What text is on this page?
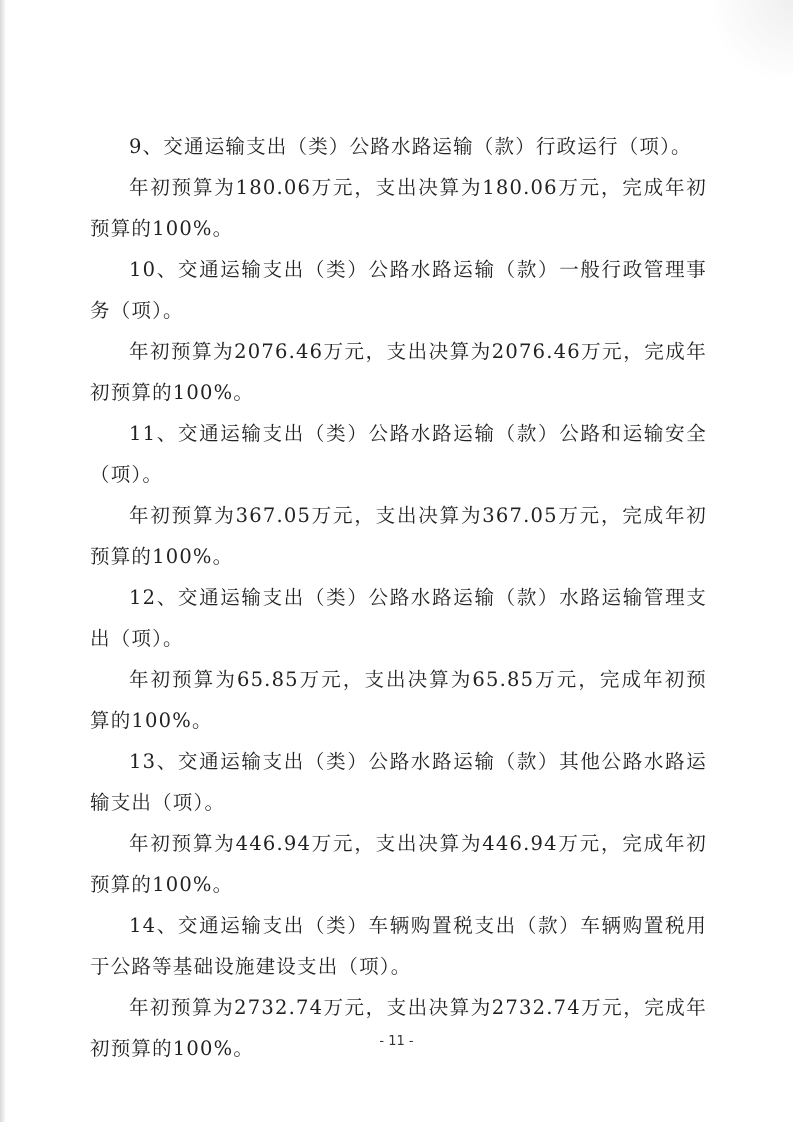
9、交通运输支出（类）公路水路运输（款）行政运行（项）。

年初预算为180.06万元，支出决算为180.06万元，完成年初预算的100%。

10、交通运输支出（类）公路水路运输（款）一般行政管理事务（项）。

年初预算为2076.46万元，支出决算为2076.46万元，完成年初预算的100%。

11、交通运输支出（类）公路水路运输（款）公路和运输安全（项）。

年初预算为367.05万元，支出决算为367.05万元，完成年初预算的100%。

12、交通运输支出（类）公路水路运输（款）水路运输管理支出（项）。

年初预算为65.85万元，支出决算为65.85万元，完成年初预算的100%。

13、交通运输支出（类）公路水路运输（款）其他公路水路运输支出（项）。

年初预算为446.94万元，支出决算为446.94万元，完成年初预算的100%。

14、交通运输支出（类）车辆购置税支出（款）车辆购置税用于公路等基础设施建设支出（项）。

年初预算为2732.74万元，支出决算为2732.74万元，完成年初预算的100%。	- 11 -
